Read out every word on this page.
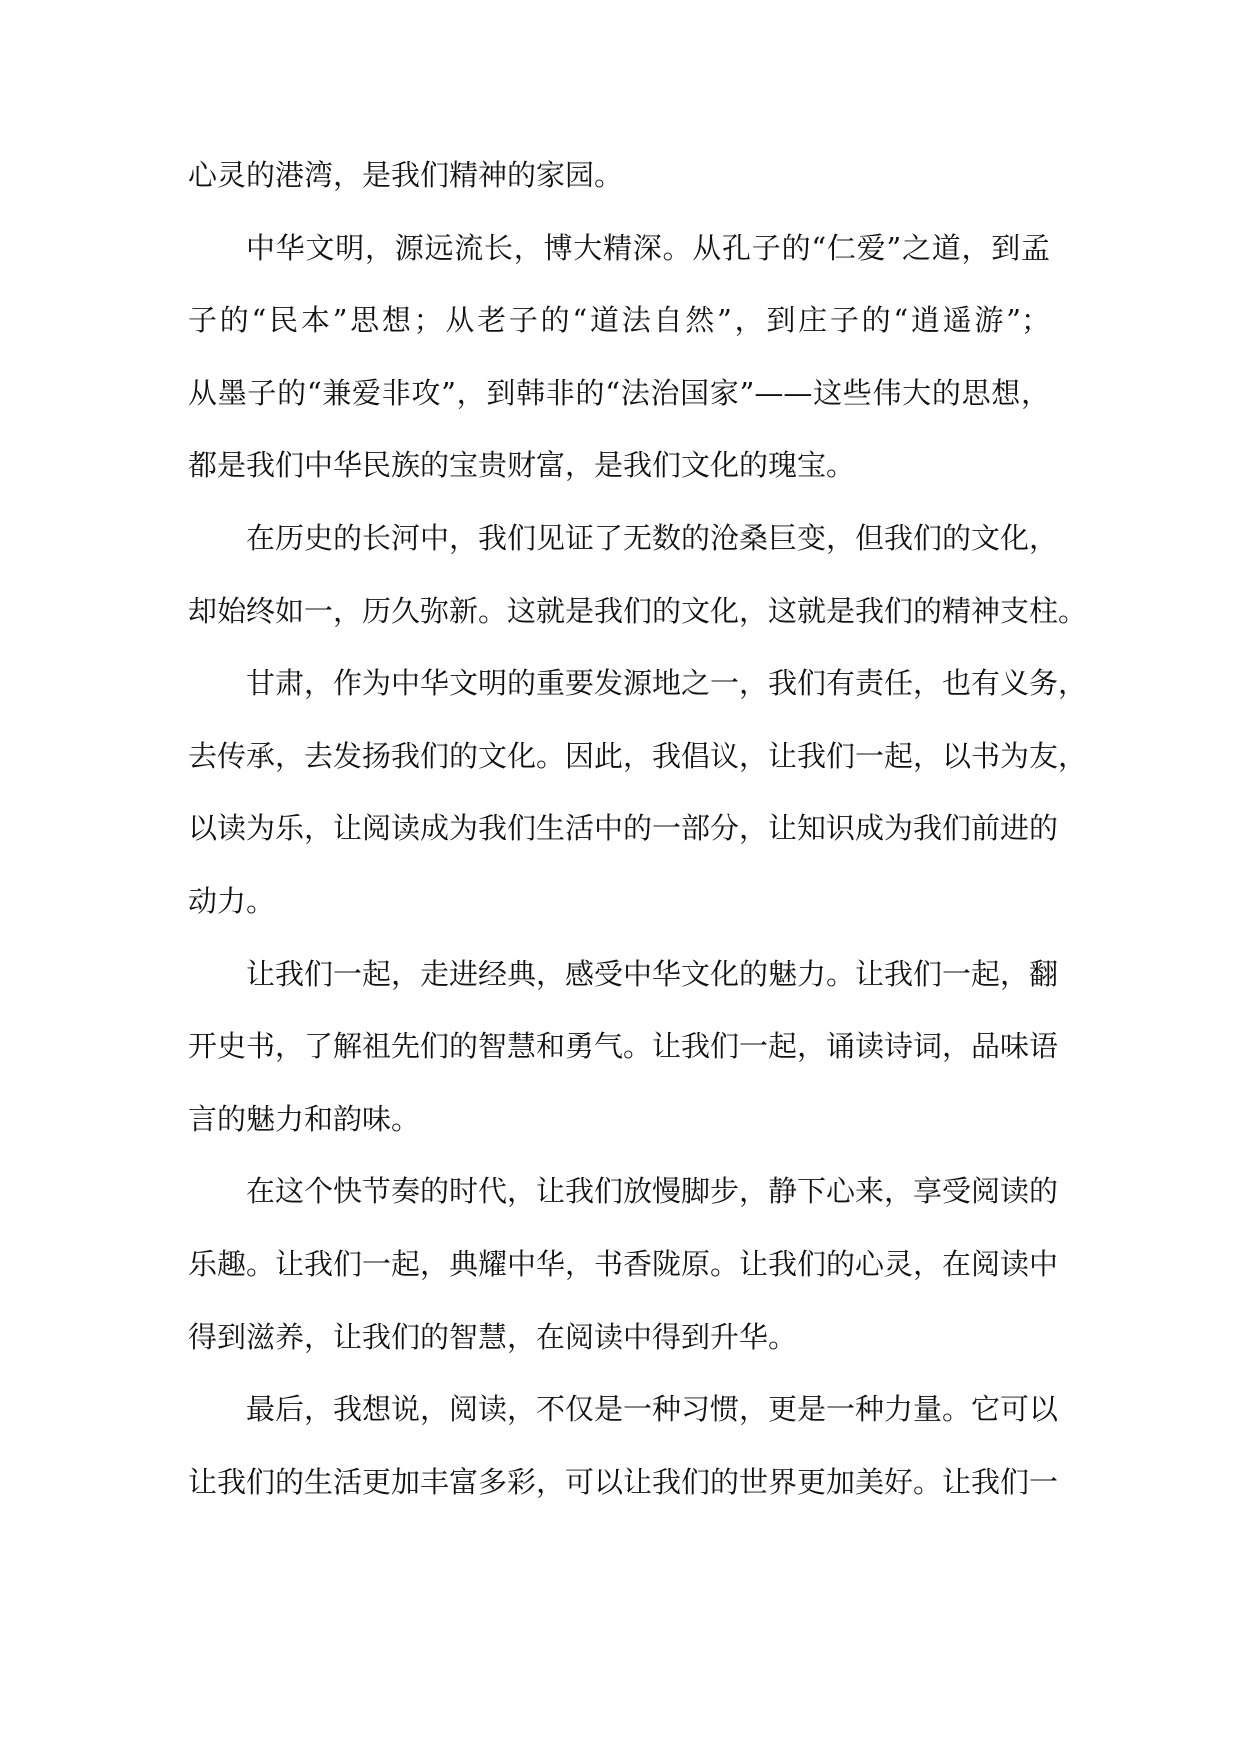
心灵的港湾，是我们精神的家园。
中华文明，源远流长，博大精深。从孔子的“仁爱”之道，到孟
子的“民本”思想；从老子的“道法自然”，到庄子的“逍遥游”；
从墨子的“兼爱非攻”，到韩非的“法治国家”——这些伟大的思想，
都是我们中华民族的宝贵财富，是我们文化的瑰宝。
在历史的长河中，我们见证了无数的沧桑巨变，但我们的文化，
却始终如一，历久弥新。这就是我们的文化，这就是我们的精神支柱。
甘肃，作为中华文明的重要发源地之一，我们有责任，也有义务，
去传承，去发扬我们的文化。因此，我倡议，让我们一起，以书为友，
以读为乐，让阅读成为我们生活中的一部分，让知识成为我们前进的
动力。
让我们一起，走进经典，感受中华文化的魅力。让我们一起，翻
开史书，了解祖先们的智慧和勇气。让我们一起，诵读诗词，品味语
言的魅力和韵味。
在这个快节奏的时代，让我们放慢脚步，静下心来，享受阅读的
乐趣。让我们一起，典耀中华，书香陇原。让我们的心灵，在阅读中
得到滋养，让我们的智慧，在阅读中得到升华。
最后，我想说，阅读，不仅是一种习惯，更是一种力量。它可以
让我们的生活更加丰富多彩，可以让我们的世界更加美好。让我们一
